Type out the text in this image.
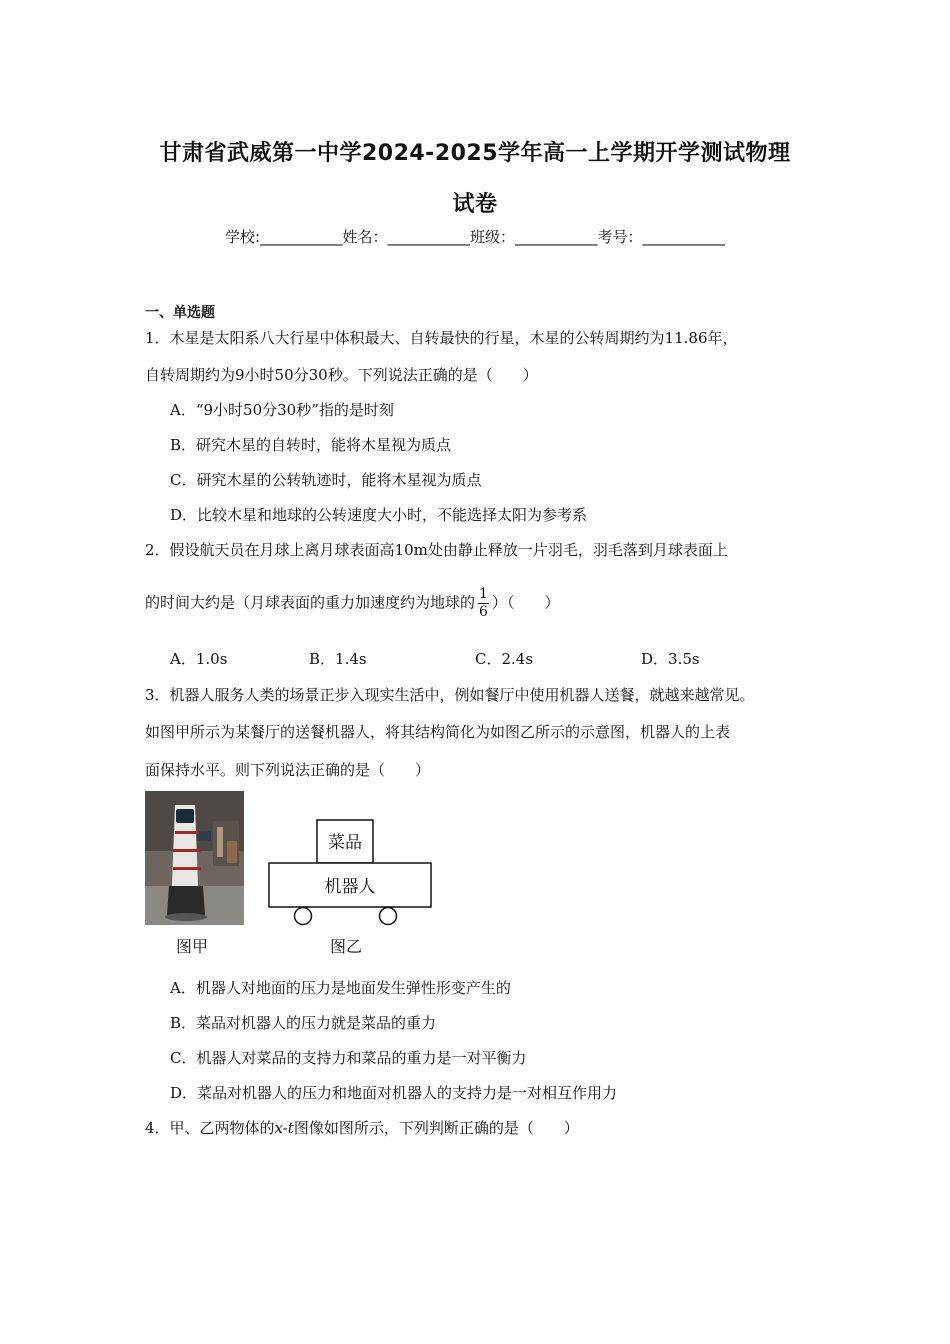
甘肃省武威第一中学2024-2025学年高一上学期开学测试物理
试卷
学校:___________姓名：___________班级：___________考号：___________
一、单选题
1．木星是太阳系八大行星中体积最大、自转最快的行星，木星的公转周期约为11.86年，
自转周期约为9小时50分30秒。下列说法正确的是（　　）
A．“9小时50分30秒”指的是时刻
B．研究木星的自转时，能将木星视为质点
C．研究木星的公转轨迹时，能将木星视为质点
D．比较木星和地球的公转速度大小时，不能选择太阳为参考系
2．假设航天员在月球上离月球表面高10m处由静止释放一片羽毛，羽毛落到月球表面上
的时间大约是（月球表面的重力加速度约为地球的 $\frac{1}{6}$ ）（　　）
A．1.0s	B．1.4s	C．2.4s	D．3.5s
3．机器人服务人类的场景正步入现实生活中，例如餐厅中使用机器人送餐，就越来越常见。
如图甲所示为某餐厅的送餐机器人，将其结构简化为如图乙所示的示意图，机器人的上表
面保持水平。则下列说法正确的是（　　）
菜品
机器人
图甲	图乙
A．机器人对地面的压力是地面发生弹性形变产生的
B．菜品对机器人的压力就是菜品的重力
C．机器人对菜品的支持力和菜品的重力是一对平衡力
D．菜品对机器人的压力和地面对机器人的支持力是一对相互作用力
4．甲、乙两物体的x-t图像如图所示，下列判断正确的是（　　）
